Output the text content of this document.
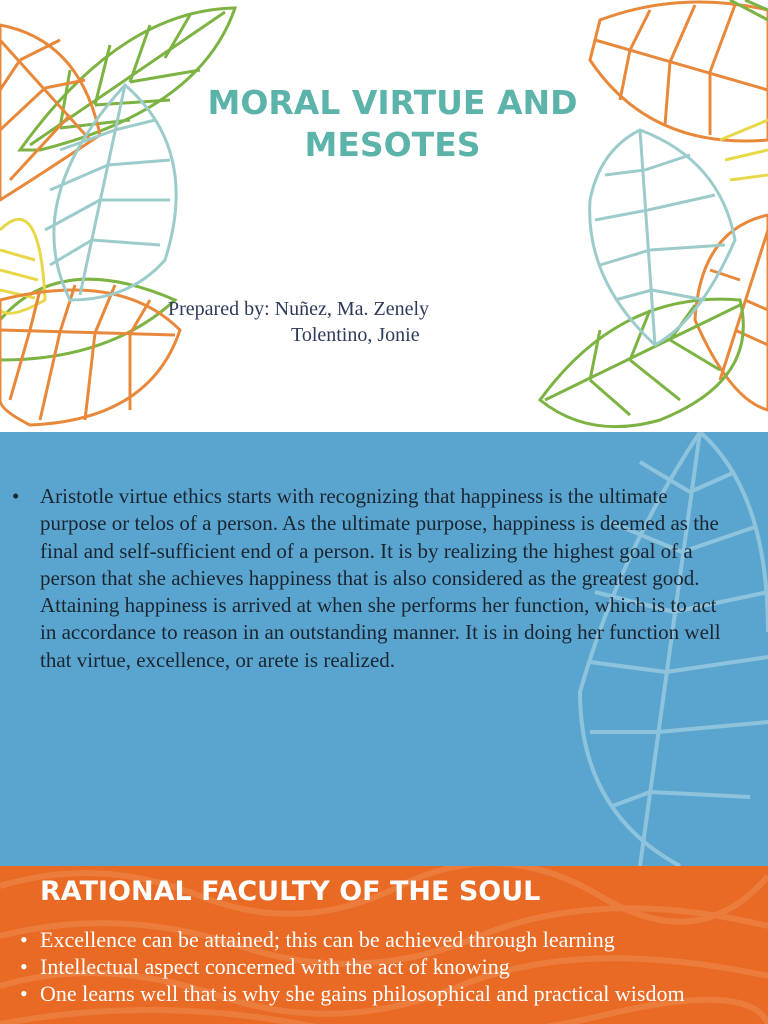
MORAL VIRTUE AND MESOTES
Prepared by: Nuñez, Ma. Zenely
Tolentino, Jonie
• Aristotle virtue ethics starts with recognizing that happiness is the ultimate purpose or telos of a person. As the ultimate purpose, happiness is deemed as the final and self-sufficient end of a person. It is by realizing the highest goal of a person that she achieves happiness that is also considered as the greatest good. Attaining happiness is arrived at when she performs her function, which is to act in accordance to reason in an outstanding manner. It is in doing her function well that virtue, excellence, or arete is realized.
RATIONAL FACULTY OF THE SOUL
• Excellence can be attained; this can be achieved through learning
• Intellectual aspect concerned with the act of knowing
• One learns well that is why she gains philosophical and practical wisdom
